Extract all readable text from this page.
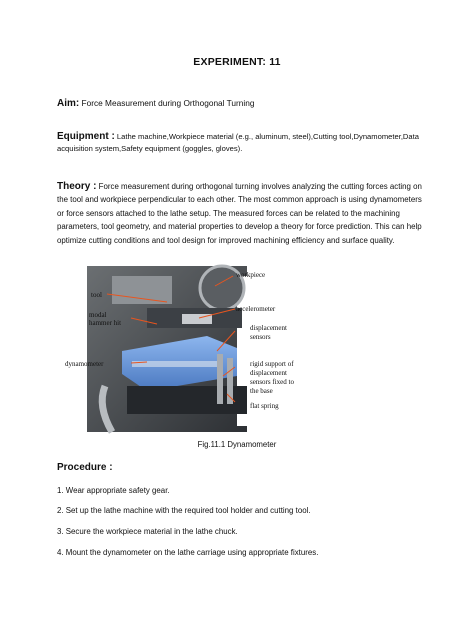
EXPERIMENT: 11
Aim: Force Measurement during Orthogonal Turning
Equipment : Lathe machine,Workpiece material (e.g., aluminum, steel),Cutting tool,Dynamometer,Data acquisition system,Safety equipment (goggles, gloves).
Theory : Force measurement during orthogonal turning involves analyzing the cutting forces acting on the tool and workpiece perpendicular to each other. The most common approach is using dynamometers or force sensors attached to the lathe setup. The measured forces can be related to the machining parameters, tool geometry, and material properties to develop a theory for force prediction. This can help optimize cutting conditions and tool design for improved machining efficiency and surface quality.
tool
workpiece
accelerometer
modal
hammer hit
displacement
sensors
dynamometer	rigid support of
displacement
sensors fixed to
the base
flat spring
Fig.11.1 Dynamometer
Procedure :
1. Wear appropriate safety gear.
2. Set up the lathe machine with the required tool holder and cutting tool.
3. Secure the workpiece material in the lathe chuck.
4. Mount the dynamometer on the lathe carriage using appropriate fixtures.
